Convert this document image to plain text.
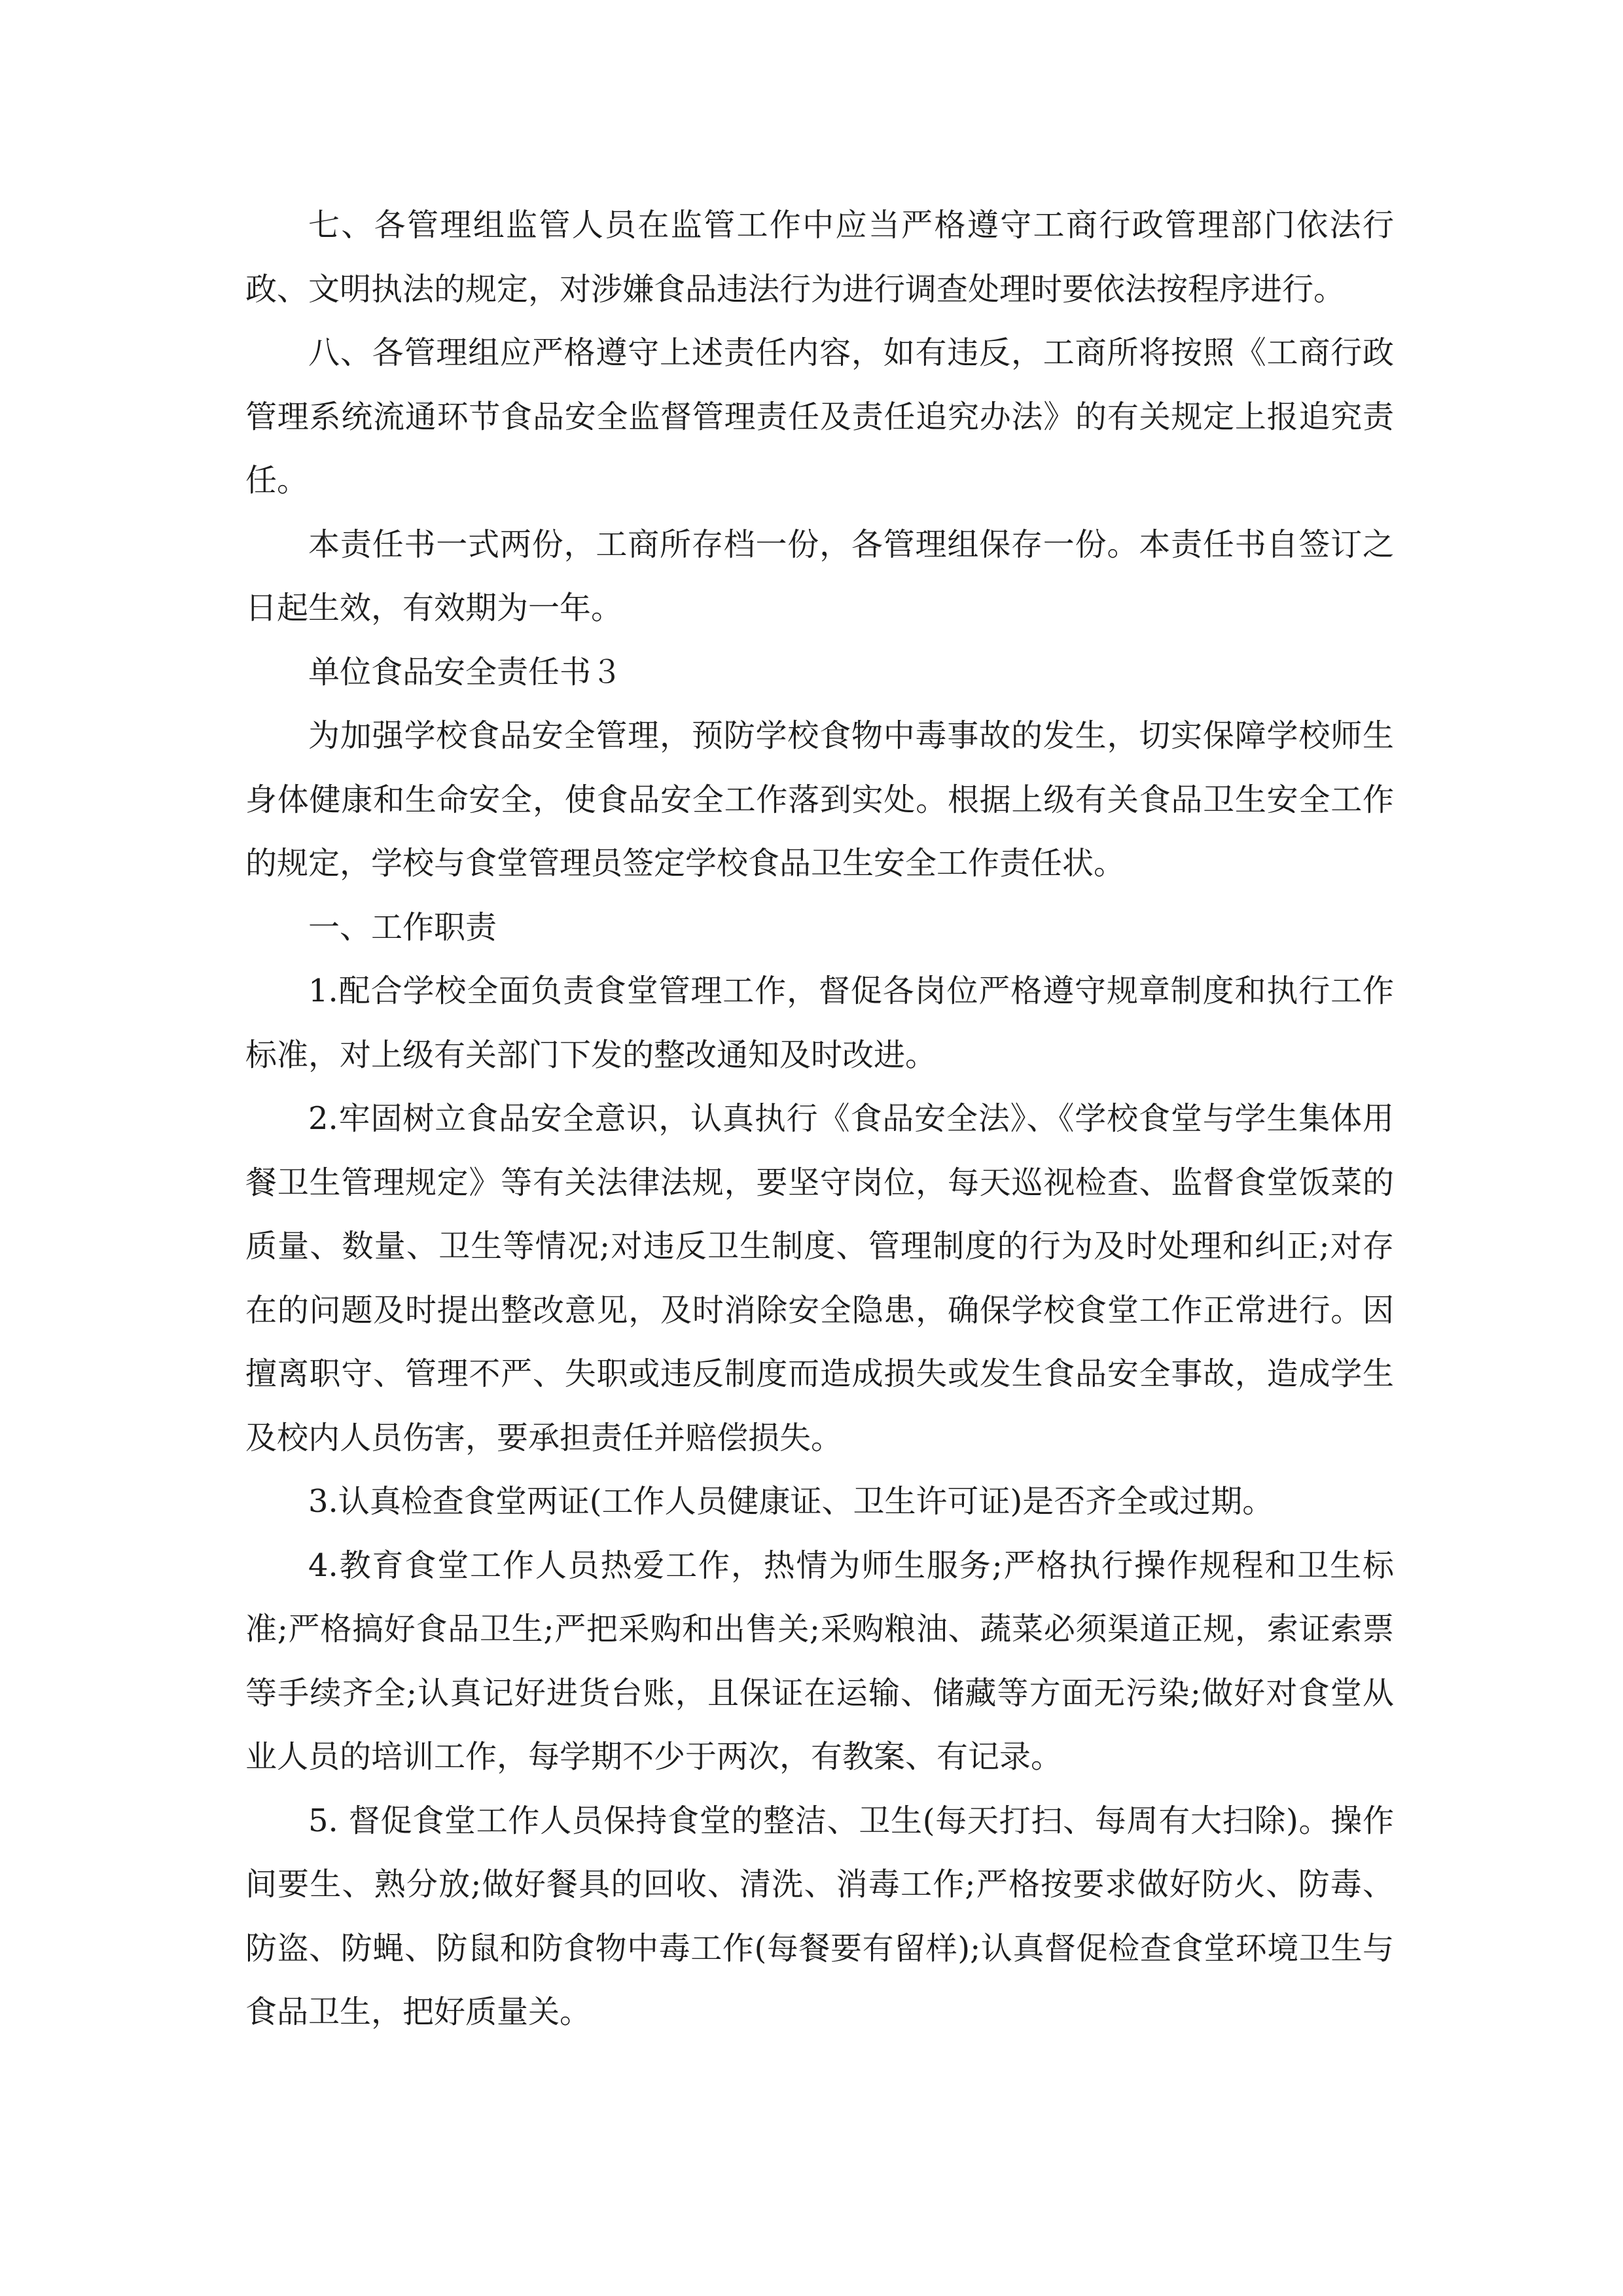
七、各管理组监管人员在监管工作中应当严格遵守工商行政管理部门依法行政、文明执法的规定，对涉嫌食品违法行为进行调查处理时要依法按程序进行。

八、各管理组应严格遵守上述责任内容，如有违反，工商所将按照《工商行政管理系统流通环节食品安全监督管理责任及责任追究办法》的有关规定上报追究责任。

本责任书一式两份，工商所存档一份，各管理组保存一份。本责任书自签订之日起生效，有效期为一年。

单位食品安全责任书３

为加强学校食品安全管理，预防学校食物中毒事故的发生，切实保障学校师生身体健康和生命安全，使食品安全工作落到实处。根据上级有关食品卫生安全工作的规定，学校与食堂管理员签定学校食品卫生安全工作责任状。

一、工作职责

1.配合学校全面负责食堂管理工作，督促各岗位严格遵守规章制度和执行工作标准，对上级有关部门下发的整改通知及时改进。

2.牢固树立食品安全意识，认真执行《食品安全法》、《学校食堂与学生集体用餐卫生管理规定》等有关法律法规，要坚守岗位，每天巡视检查、监督食堂饭菜的质量、数量、卫生等情况;对违反卫生制度、管理制度的行为及时处理和纠正;对存在的问题及时提出整改意见，及时消除安全隐患，确保学校食堂工作正常进行。因擅离职守、管理不严、失职或违反制度而造成损失或发生食品安全事故，造成学生及校内人员伤害，要承担责任并赔偿损失。

3.认真检查食堂两证(工作人员健康证、卫生许可证)是否齐全或过期。

4.教育食堂工作人员热爱工作，热情为师生服务;严格执行操作规程和卫生标准;严格搞好食品卫生;严把采购和出售关;采购粮油、蔬菜必须渠道正规，索证索票等手续齐全;认真记好进货台账，且保证在运输、储藏等方面无污染;做好对食堂从业人员的培训工作，每学期不少于两次，有教案、有记录。

5. 督促食堂工作人员保持食堂的整洁、卫生(每天打扫、每周有大扫除)。操作间要生、熟分放;做好餐具的回收、清洗、消毒工作;严格按要求做好防火、防毒、防盗、防蝇、防鼠和防食物中毒工作(每餐要有留样);认真督促检查食堂环境卫生与食品卫生，把好质量关。
